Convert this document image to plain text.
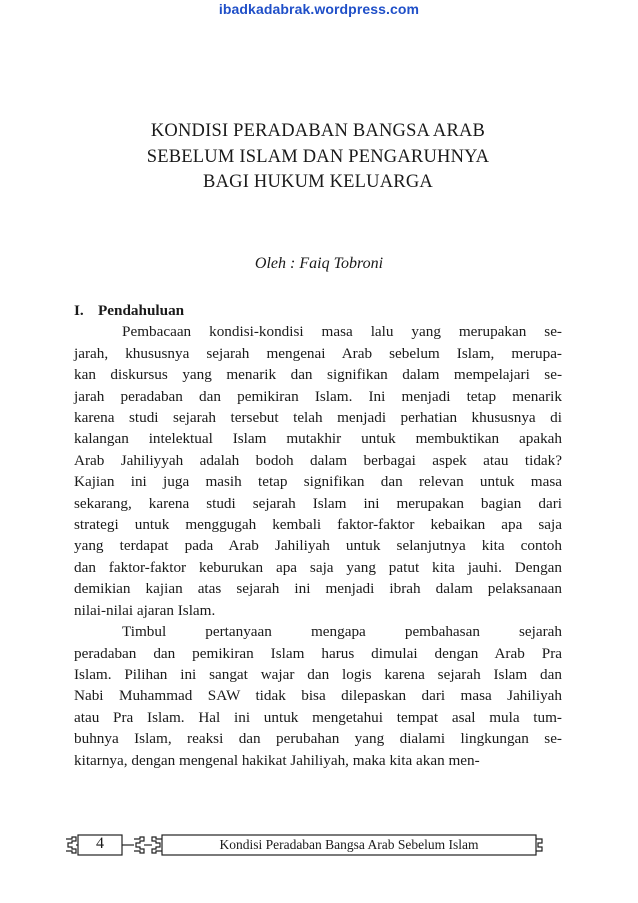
ibadkadabrak.wordpress.com
KONDISI PERADABAN BANGSA ARAB
SEBELUM ISLAM DAN PENGARUHNYA
BAGI HUKUM KELUARGA
Oleh : Faiq Tobroni
I. Pendahuluan
Pembacaan kondisi-kondisi masa lalu yang merupakan se-
jarah, khususnya sejarah mengenai Arab sebelum Islam, merupa-
kan diskursus yang menarik dan signifikan dalam mempelajari se-
jarah peradaban dan pemikiran Islam. Ini menjadi tetap menarik
karena studi sejarah tersebut telah menjadi perhatian khususnya di
kalangan intelektual Islam mutakhir untuk membuktikan apakah
Arab Jahiliyyah adalah bodoh dalam berbagai aspek atau tidak?
Kajian ini juga masih tetap signifikan dan relevan untuk masa
sekarang, karena studi sejarah Islam ini merupakan bagian dari
strategi untuk menggugah kembali faktor-faktor kebaikan apa saja
yang terdapat pada Arab Jahiliyah untuk selanjutnya kita contoh
dan faktor-faktor keburukan apa saja yang patut kita jauhi. Dengan
demikian kajian atas sejarah ini menjadi ibrah dalam pelaksanaan
nilai-nilai ajaran Islam.
Timbul pertanyaan mengapa pembahasan sejarah
peradaban dan pemikiran Islam harus dimulai dengan Arab Pra
Islam. Pilihan ini sangat wajar dan logis karena sejarah Islam dan
Nabi Muhammad SAW tidak bisa dilepaskan dari masa Jahiliyah
atau Pra Islam. Hal ini untuk mengetahui tempat asal mula tum-
buhnya Islam, reaksi dan perubahan yang dialami lingkungan se-
kitarnya, dengan mengenal hakikat Jahiliyah, maka kita akan men-
4	Kondisi Peradaban Bangsa Arab Sebelum Islam
